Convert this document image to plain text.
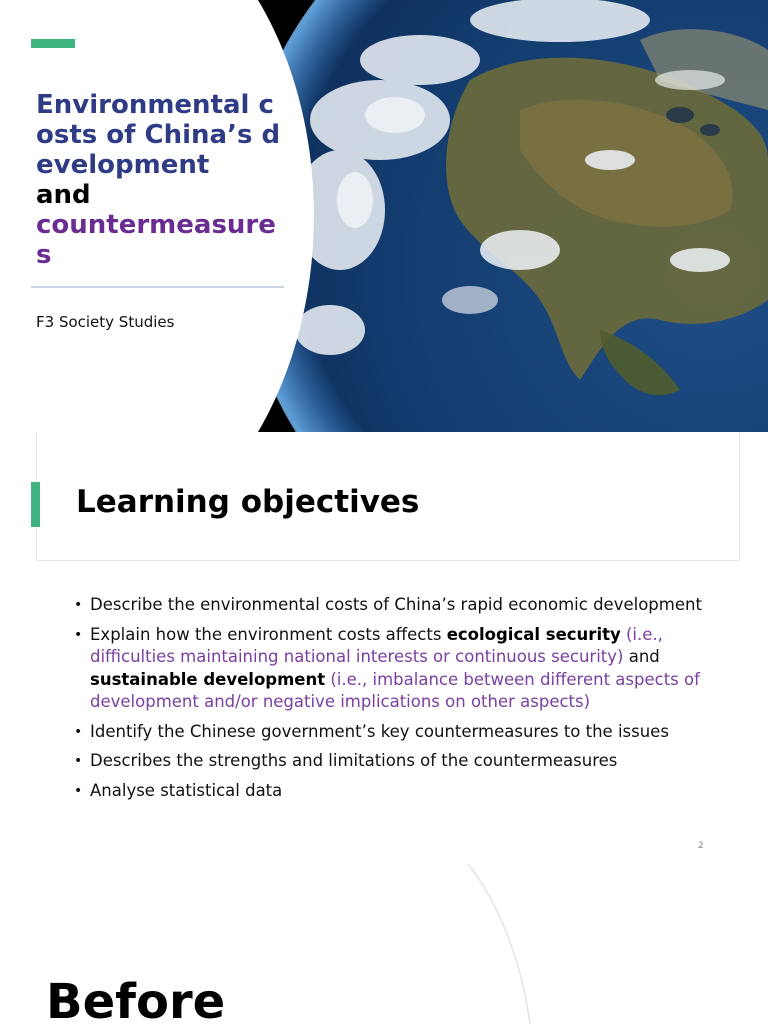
Environmental costs of China’s development
and
countermeasures
F3 Society Studies
Learning objectives
• Describe the environmental costs of China’s rapid economic development
• Explain how the environment costs affects ecological security (i.e., difficulties maintaining national interests or continuous security) and sustainable development (i.e., imbalance between different aspects of development and/or negative implications on other aspects)
• Identify the Chinese government’s key countermeasures to the issues
• Describes the strengths and limitations of the countermeasures
• Analyse statistical data
2
Before
